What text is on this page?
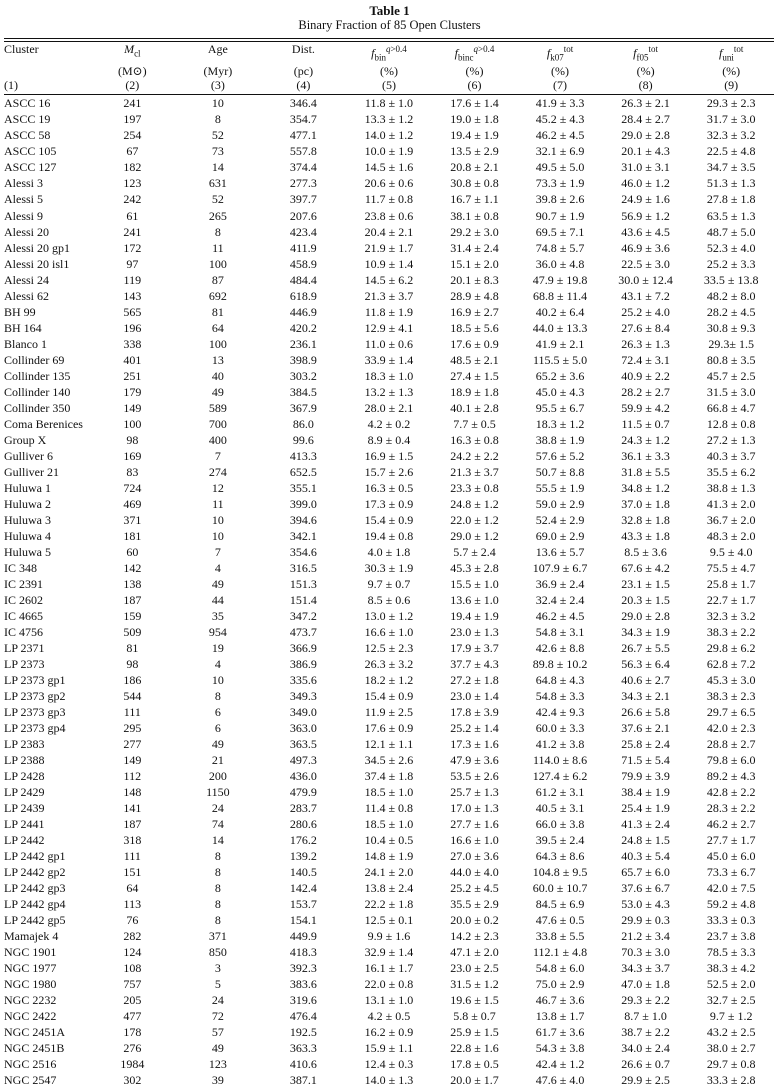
Table 1
Binary Fraction of 85 Open Clusters

Cluster	$M_{cl}$	Age	Dist.	$f_{bin}^{q>0.4}$	$f_{binc}^{q>0.4}$	$f_{k07}^{tot}$	$f_{f05}^{tot}$	$f_{uni}^{tot}$
	(M⊙)	(Myr)	(pc)	(%)	(%)	(%)	(%)	(%)
(1)	(2)	(3)	(4)	(5)	(6)	(7)	(8)	(9)

ASCC 16	241	10	346.4	11.8 ± 1.0	17.6 ± 1.4	41.9 ± 3.3	26.3 ± 2.1	29.3 ± 2.3
ASCC 19	197	8	354.7	13.3 ± 1.2	19.0 ± 1.8	45.2 ± 4.3	28.4 ± 2.7	31.7 ± 3.0
ASCC 58	254	52	477.1	14.0 ± 1.2	19.4 ± 1.9	46.2 ± 4.5	29.0 ± 2.8	32.3 ± 3.2
ASCC 105	67	73	557.8	10.0 ± 1.9	13.5 ± 2.9	32.1 ± 6.9	20.1 ± 4.3	22.5 ± 4.8
ASCC 127	182	14	374.4	14.5 ± 1.6	20.8 ± 2.1	49.5 ± 5.0	31.0 ± 3.1	34.7 ± 3.5
Alessi 3	123	631	277.3	20.6 ± 0.6	30.8 ± 0.8	73.3 ± 1.9	46.0 ± 1.2	51.3 ± 1.3
Alessi 5	242	52	397.7	11.7 ± 0.8	16.7 ± 1.1	39.8 ± 2.6	24.9 ± 1.6	27.8 ± 1.8
Alessi 9	61	265	207.6	23.8 ± 0.6	38.1 ± 0.8	90.7 ± 1.9	56.9 ± 1.2	63.5 ± 1.3
Alessi 20	241	8	423.4	20.4 ± 2.1	29.2 ± 3.0	69.5 ± 7.1	43.6 ± 4.5	48.7 ± 5.0
Alessi 20 gp1	172	11	411.9	21.9 ± 1.7	31.4 ± 2.4	74.8 ± 5.7	46.9 ± 3.6	52.3 ± 4.0
Alessi 20 isl1	97	100	458.9	10.9 ± 1.4	15.1 ± 2.0	36.0 ± 4.8	22.5 ± 3.0	25.2 ± 3.3
Alessi 24	119	87	484.4	14.5 ± 6.2	20.1 ± 8.3	47.9 ± 19.8	30.0 ± 12.4	33.5 ± 13.8
Alessi 62	143	692	618.9	21.3 ± 3.7	28.9 ± 4.8	68.8 ± 11.4	43.1 ± 7.2	48.2 ± 8.0
BH 99	565	81	446.9	11.8 ± 1.9	16.9 ± 2.7	40.2 ± 6.4	25.2 ± 4.0	28.2 ± 4.5
BH 164	196	64	420.2	12.9 ± 4.1	18.5 ± 5.6	44.0 ± 13.3	27.6 ± 8.4	30.8 ± 9.3
Blanco 1	338	100	236.1	11.0 ± 0.6	17.6 ± 0.9	41.9 ± 2.1	26.3 ± 1.3	29.3± 1.5
Collinder 69	401	13	398.9	33.9 ± 1.4	48.5 ± 2.1	115.5 ± 5.0	72.4 ± 3.1	80.8 ± 3.5
Collinder 135	251	40	303.2	18.3 ± 1.0	27.4 ± 1.5	65.2 ± 3.6	40.9 ± 2.2	45.7 ± 2.5
Collinder 140	179	49	384.5	13.2 ± 1.3	18.9 ± 1.8	45.0 ± 4.3	28.2 ± 2.7	31.5 ± 3.0
Collinder 350	149	589	367.9	28.0 ± 2.1	40.1 ± 2.8	95.5 ± 6.7	59.9 ± 4.2	66.8 ± 4.7
Coma Berenices	100	700	86.0	4.2 ± 0.2	7.7 ± 0.5	18.3 ± 1.2	11.5 ± 0.7	12.8 ± 0.8
Group X	98	400	99.6	8.9 ± 0.4	16.3 ± 0.8	38.8 ± 1.9	24.3 ± 1.2	27.2 ± 1.3
Gulliver 6	169	7	413.3	16.9 ± 1.5	24.2 ± 2.2	57.6 ± 5.2	36.1 ± 3.3	40.3 ± 3.7
Gulliver 21	83	274	652.5	15.7 ± 2.6	21.3 ± 3.7	50.7 ± 8.8	31.8 ± 5.5	35.5 ± 6.2
Huluwa 1	724	12	355.1	16.3 ± 0.5	23.3 ± 0.8	55.5 ± 1.9	34.8 ± 1.2	38.8 ± 1.3
Huluwa 2	469	11	399.0	17.3 ± 0.9	24.8 ± 1.2	59.0 ± 2.9	37.0 ± 1.8	41.3 ± 2.0
Huluwa 3	371	10	394.6	15.4 ± 0.9	22.0 ± 1.2	52.4 ± 2.9	32.8 ± 1.8	36.7 ± 2.0
Huluwa 4	181	10	342.1	19.4 ± 0.8	29.0 ± 1.2	69.0 ± 2.9	43.3 ± 1.8	48.3 ± 2.0
Huluwa 5	60	7	354.6	4.0 ± 1.8	5.7 ± 2.4	13.6 ± 5.7	8.5 ± 3.6	9.5 ± 4.0
IC 348	142	4	316.5	30.3 ± 1.9	45.3 ± 2.8	107.9 ± 6.7	67.6 ± 4.2	75.5 ± 4.7
IC 2391	138	49	151.3	9.7 ± 0.7	15.5 ± 1.0	36.9 ± 2.4	23.1 ± 1.5	25.8 ± 1.7
IC 2602	187	44	151.4	8.5 ± 0.6	13.6 ± 1.0	32.4 ± 2.4	20.3 ± 1.5	22.7 ± 1.7
IC 4665	159	35	347.2	13.0 ± 1.2	19.4 ± 1.9	46.2 ± 4.5	29.0 ± 2.8	32.3 ± 3.2
IC 4756	509	954	473.7	16.6 ± 1.0	23.0 ± 1.3	54.8 ± 3.1	34.3 ± 1.9	38.3 ± 2.2
LP 2371	81	19	366.9	12.5 ± 2.3	17.9 ± 3.7	42.6 ± 8.8	26.7 ± 5.5	29.8 ± 6.2
LP 2373	98	4	386.9	26.3 ± 3.2	37.7 ± 4.3	89.8 ± 10.2	56.3 ± 6.4	62.8 ± 7.2
LP 2373 gp1	186	10	335.6	18.2 ± 1.2	27.2 ± 1.8	64.8 ± 4.3	40.6 ± 2.7	45.3 ± 3.0
LP 2373 gp2	544	8	349.3	15.4 ± 0.9	23.0 ± 1.4	54.8 ± 3.3	34.3 ± 2.1	38.3 ± 2.3
LP 2373 gp3	111	6	349.0	11.9 ± 2.5	17.8 ± 3.9	42.4 ± 9.3	26.6 ± 5.8	29.7 ± 6.5
LP 2373 gp4	295	6	363.0	17.6 ± 0.9	25.2 ± 1.4	60.0 ± 3.3	37.6 ± 2.1	42.0 ± 2.3
LP 2383	277	49	363.5	12.1 ± 1.1	17.3 ± 1.6	41.2 ± 3.8	25.8 ± 2.4	28.8 ± 2.7
LP 2388	149	21	497.3	34.5 ± 2.6	47.9 ± 3.6	114.0 ± 8.6	71.5 ± 5.4	79.8 ± 6.0
LP 2428	112	200	436.0	37.4 ± 1.8	53.5 ± 2.6	127.4 ± 6.2	79.9 ± 3.9	89.2 ± 4.3
LP 2429	148	1150	479.9	18.5 ± 1.0	25.7 ± 1.3	61.2 ± 3.1	38.4 ± 1.9	42.8 ± 2.2
LP 2439	141	24	283.7	11.4 ± 0.8	17.0 ± 1.3	40.5 ± 3.1	25.4 ± 1.9	28.3 ± 2.2
LP 2441	187	74	280.6	18.5 ± 1.0	27.7 ± 1.6	66.0 ± 3.8	41.3 ± 2.4	46.2 ± 2.7
LP 2442	318	14	176.2	10.4 ± 0.5	16.6 ± 1.0	39.5 ± 2.4	24.8 ± 1.5	27.7 ± 1.7
LP 2442 gp1	111	8	139.2	14.8 ± 1.9	27.0 ± 3.6	64.3 ± 8.6	40.3 ± 5.4	45.0 ± 6.0
LP 2442 gp2	151	8	140.5	24.1 ± 2.0	44.0 ± 4.0	104.8 ± 9.5	65.7 ± 6.0	73.3 ± 6.7
LP 2442 gp3	64	8	142.4	13.8 ± 2.4	25.2 ± 4.5	60.0 ± 10.7	37.6 ± 6.7	42.0 ± 7.5
LP 2442 gp4	113	8	153.7	22.2 ± 1.8	35.5 ± 2.9	84.5 ± 6.9	53.0 ± 4.3	59.2 ± 4.8
LP 2442 gp5	76	8	154.1	12.5 ± 0.1	20.0 ± 0.2	47.6 ± 0.5	29.9 ± 0.3	33.3 ± 0.3
Mamajek 4	282	371	449.9	9.9 ± 1.6	14.2 ± 2.3	33.8 ± 5.5	21.2 ± 3.4	23.7 ± 3.8
NGC 1901	124	850	418.3	32.9 ± 1.4	47.1 ± 2.0	112.1 ± 4.8	70.3 ± 3.0	78.5 ± 3.3
NGC 1977	108	3	392.3	16.1 ± 1.7	23.0 ± 2.5	54.8 ± 6.0	34.3 ± 3.7	38.3 ± 4.2
NGC 1980	757	5	383.6	22.0 ± 0.8	31.5 ± 1.2	75.0 ± 2.9	47.0 ± 1.8	52.5 ± 2.0
NGC 2232	205	24	319.6	13.1 ± 1.0	19.6 ± 1.5	46.7 ± 3.6	29.3 ± 2.2	32.7 ± 2.5
NGC 2422	477	72	476.4	4.2 ± 0.5	5.8 ± 0.7	13.8 ± 1.7	8.7 ± 1.0	9.7 ± 1.2
NGC 2451A	178	57	192.5	16.2 ± 0.9	25.9 ± 1.5	61.7 ± 3.6	38.7 ± 2.2	43.2 ± 2.5
NGC 2451B	276	49	363.3	15.9 ± 1.1	22.8 ± 1.6	54.3 ± 3.8	34.0 ± 2.4	38.0 ± 2.7
NGC 2516	1984	123	410.6	12.4 ± 0.3	17.8 ± 0.5	42.4 ± 1.2	26.6 ± 0.7	29.7 ± 0.8
NGC 2547	302	39	387.1	14.0 ± 1.3	20.0 ± 1.7	47.6 ± 4.0	29.9 ± 2.5	33.3 ± 2.8
